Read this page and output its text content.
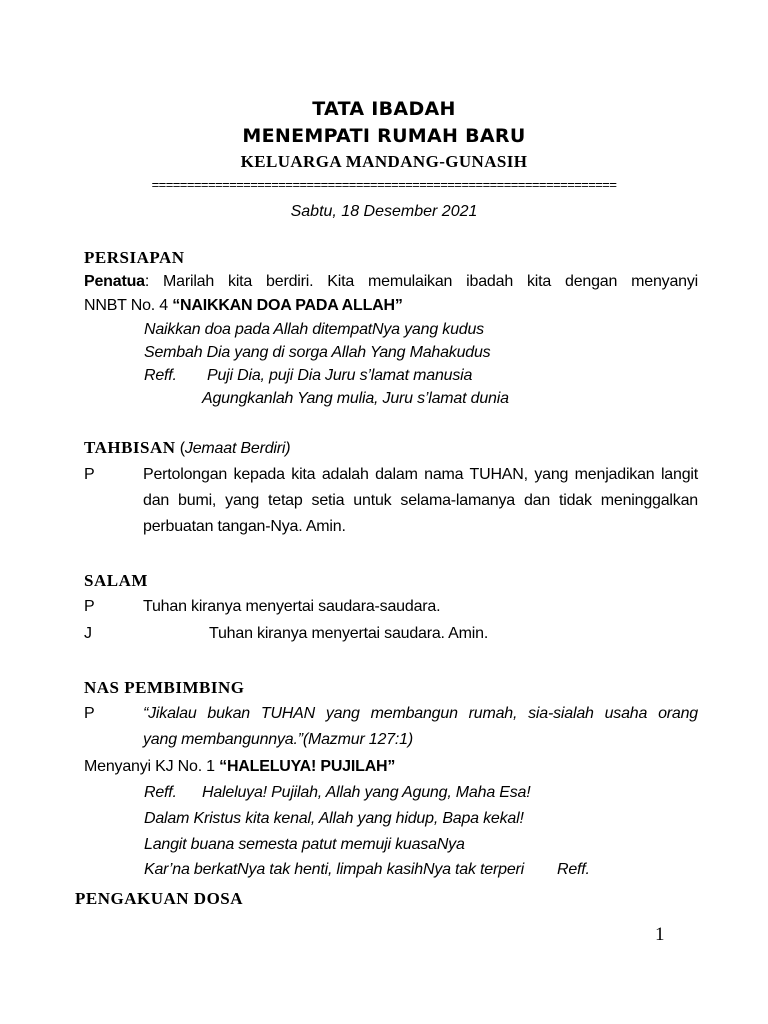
TATA IBADAH
MENEMPATI RUMAH BARU
KELUARGA MANDANG-GUNASIH
==================================================================
Sabtu, 18 Desember 2021
PERSIAPAN
Penatua: Marilah kita berdiri. Kita memulaikan ibadah kita dengan menyanyi
NNBT No. 4 “NAIKKAN DOA PADA ALLAH”
Naikkan doa pada Allah ditempatNya yang kudus
Sembah Dia yang di sorga Allah Yang Mahakudus
Reff. Puji Dia, puji Dia Juru s’lamat manusia
Agungkanlah Yang mulia, Juru s’lamat dunia
TAHBISAN (Jemaat Berdiri)
P	Pertolongan kepada kita adalah dalam nama TUHAN, yang menjadikan langit
dan bumi, yang tetap setia untuk selama-lamanya dan tidak meninggalkan
perbuatan tangan-Nya. Amin.
SALAM
P	Tuhan kiranya menyertai saudara-saudara.
J	Tuhan kiranya menyertai saudara. Amin.
NAS PEMBIMBING
P	“Jikalau bukan TUHAN yang membangun rumah, sia-sialah usaha orang
yang membangunnya.”(Mazmur 127:1)
Menyanyi KJ No. 1 “HALELUYA! PUJILAH”
Reff. Haleluya! Pujilah, Allah yang Agung, Maha Esa!
Dalam Kristus kita kenal, Allah yang hidup, Bapa kekal!
Langit buana semesta patut memuji kuasaNya
Kar’na berkatNya tak henti, limpah kasihNya tak terperi Reff.
PENGAKUAN DOSA
1
